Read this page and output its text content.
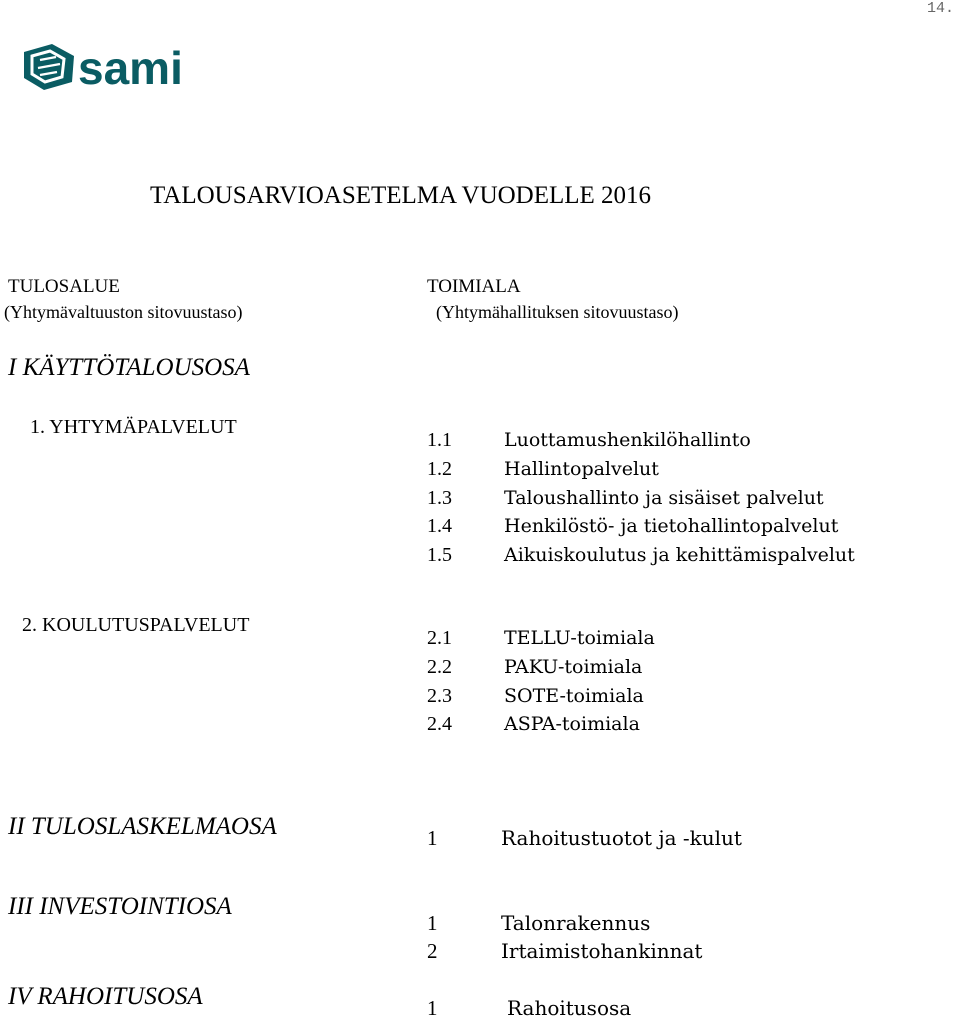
14.
sami
TALOUSARVIOASETELMA VUODELLE 2016
TULOSALUE
(Yhtymävaltuuston sitovuustaso)
TOIMIALA
(Yhtymähallituksen sitovuustaso)
I KÄYTTÖTALOUSOSA
1. YHTYMÄPALVELUT
1.1	Luottamushenkilöhallinto
1.2	Hallintopalvelut
1.3	Taloushallinto ja sisäiset palvelut
1.4	Henkilöstö- ja tietohallintopalvelut
1.5	Aikuiskoulutus ja kehittämispalvelut
2. KOULUTUSPALVELUT
2.1	TELLU-toimiala
2.2	PAKU-toimiala
2.3	SOTE-toimiala
2.4	ASPA-toimiala
II TULOSLASKELMAOSA	1	Rahoitustuotot ja -kulut
III INVESTOINTIOSA
1	Talonrakennus
2	Irtaimistohankinnat
IV RAHOITUSOSA	1	Rahoitusosa
